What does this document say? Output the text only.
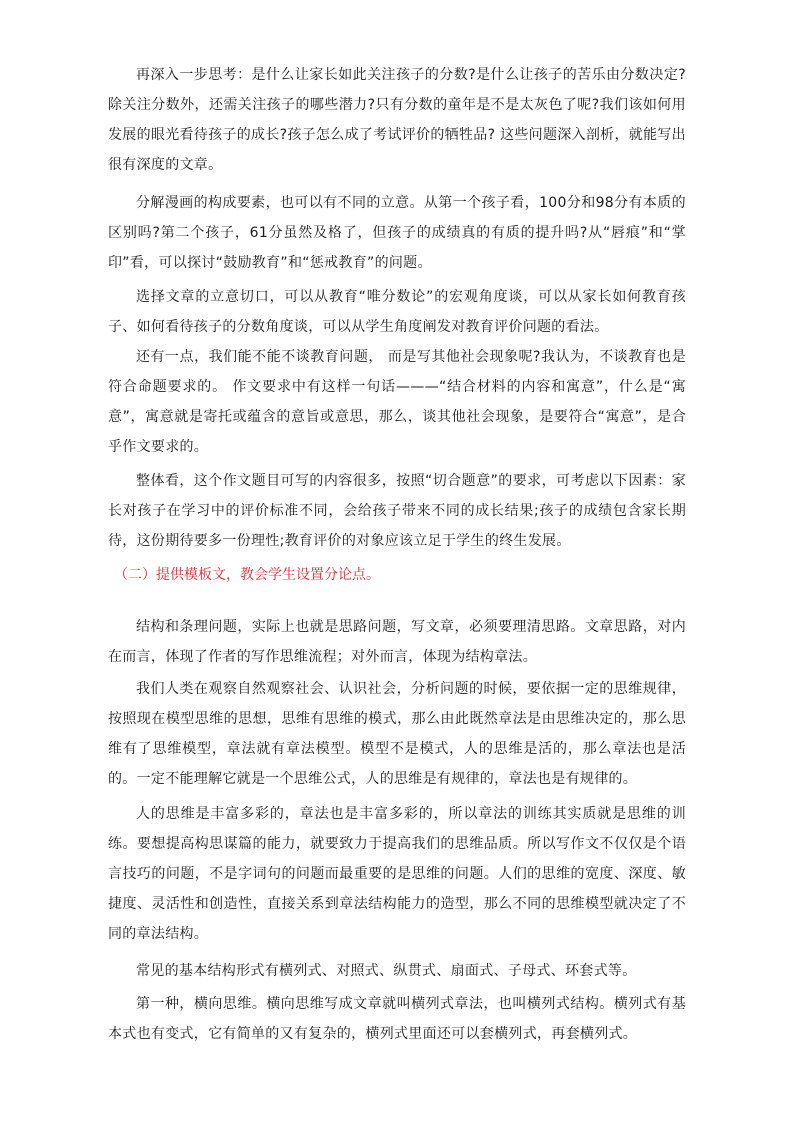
再深入一步思考：是什么让家长如此关注孩子的分数?是什么让孩子的苦乐由分数决定?除关注分数外，还需关注孩子的哪些潜力?只有分数的童年是不是太灰色了呢?我们该如何用发展的眼光看待孩子的成长?孩子怎么成了考试评价的牺牲品? 这些问题深入剖析，就能写出很有深度的文章。

分解漫画的构成要素，也可以有不同的立意。从第一个孩子看，100分和98分有本质的区别吗?第二个孩子，61分虽然及格了，但孩子的成绩真的有质的提升吗?从“唇痕”和“掌印”看，可以探讨“鼓励教育”和“惩戒教育”的问题。

选择文章的立意切口，可以从教育“唯分数论”的宏观角度谈，可以从家长如何教育孩子、如何看待孩子的分数角度谈，可以从学生角度阐发对教育评价问题的看法。

还有一点，我们能不能不谈教育问题， 而是写其他社会现象呢?我认为，不谈教育也是符合命题要求的。 作文要求中有这样一句话———“结合材料的内容和寓意”，什么是“寓意”，寓意就是寄托或蕴含的意旨或意思，那么，谈其他社会现象，是要符合“寓意”，是合乎作文要求的。

整体看，这个作文题目可写的内容很多，按照“切合题意”的要求，可考虑以下因素：家长对孩子在学习中的评价标准不同，会给孩子带来不同的成长结果;孩子的成绩包含家长期待，这份期待要多一份理性;教育评价的对象应该立足于学生的终生发展。

（二）提供模板文，教会学生设置分论点。

结构和条理问题，实际上也就是思路问题，写文章，必须要理清思路。文章思路，对内在而言，体现了作者的写作思维流程；对外而言，体现为结构章法。

我们人类在观察自然观察社会、认识社会，分析问题的时候，要依据一定的思维规律，按照现在模型思维的思想，思维有思维的模式，那么由此既然章法是由思维决定的，那么思维有了思维模型，章法就有章法模型。模型不是模式，人的思维是活的，那么章法也是活的。一定不能理解它就是一个思维公式，人的思维是有规律的，章法也是有规律的。

人的思维是丰富多彩的，章法也是丰富多彩的，所以章法的训练其实质就是思维的训练。要想提高构思谋篇的能力，就要致力于提高我们的思维品质。所以写作文不仅仅是个语言技巧的问题，不是字词句的问题而最重要的是思维的问题。人们的思维的宽度、深度、敏捷度、灵活性和创造性，直接关系到章法结构能力的造型，那么不同的思维模型就决定了不同的章法结构。

常见的基本结构形式有横列式、对照式、纵贯式、扇面式、子母式、环套式等。

第一种，横向思维。横向思维写成文章就叫横列式章法，也叫横列式结构。横列式有基本式也有变式，它有简单的又有复杂的，横列式里面还可以套横列式，再套横列式。
